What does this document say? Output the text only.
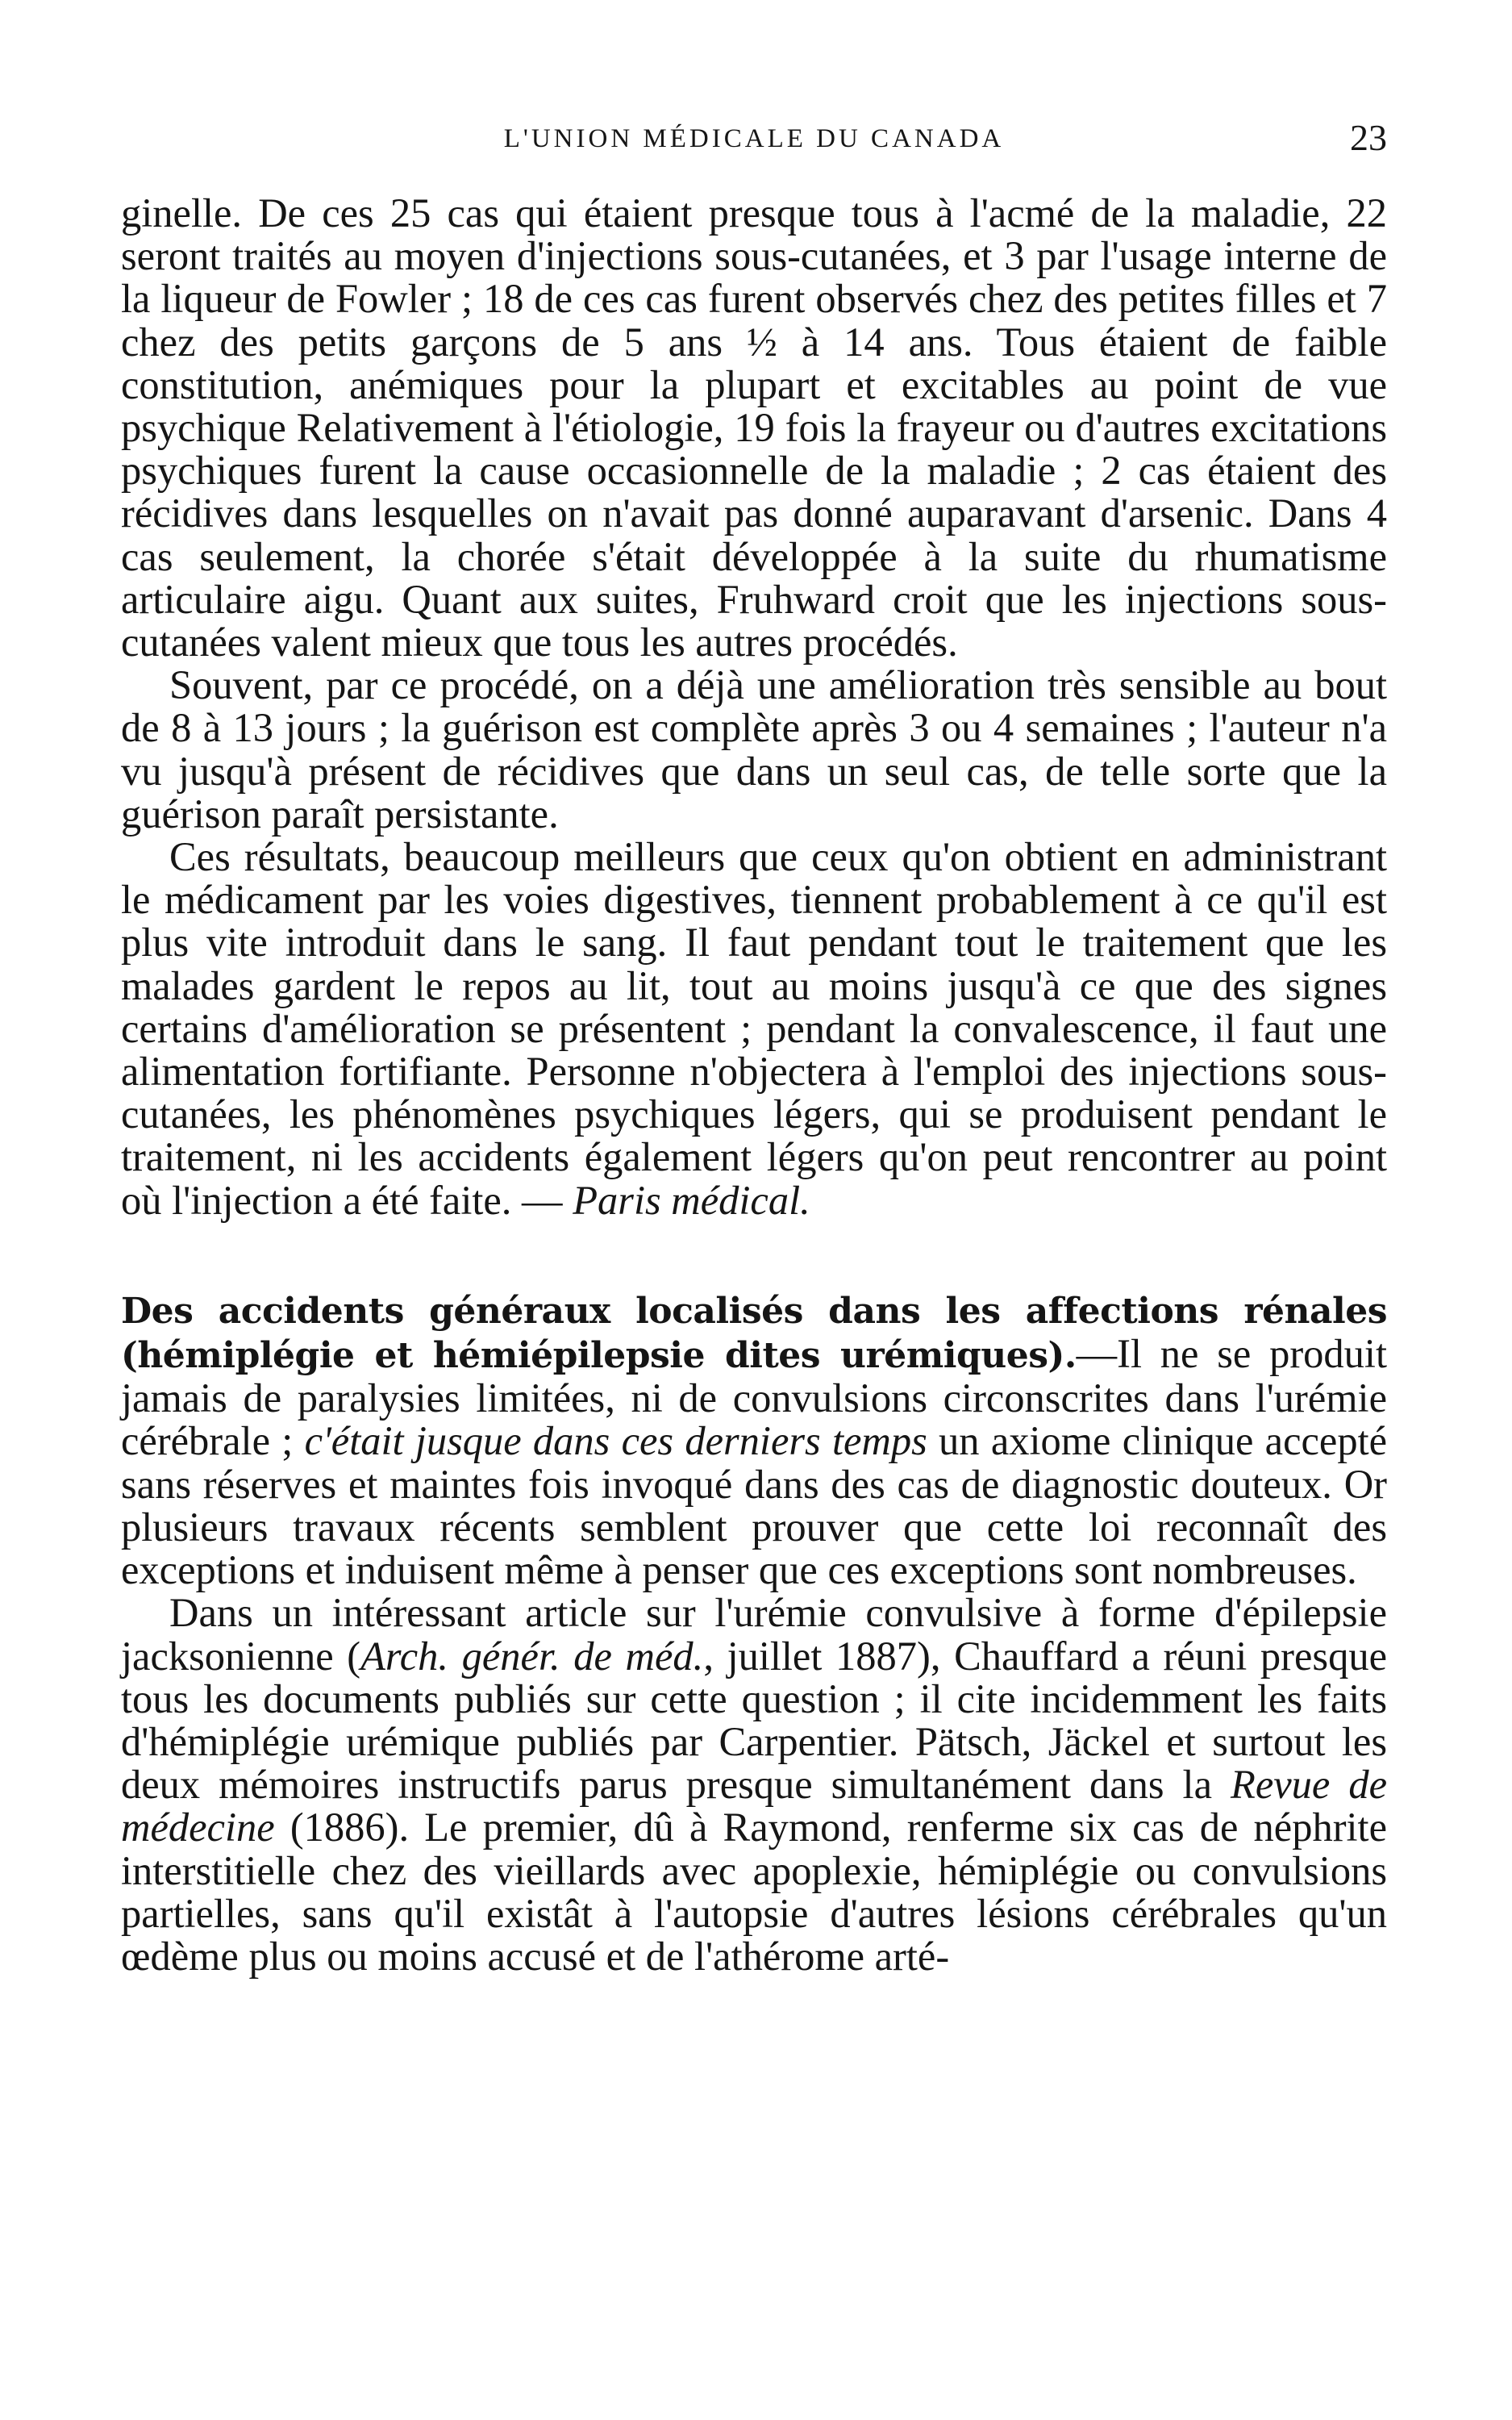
L'UNION MÉDICALE DU CANADA	23

ginelle. De ces 25 cas qui étaient presque tous à l'acmé de la maladie, 22 seront traités au moyen d'injections sous-cutanées, et 3 par l'usage interne de la liqueur de Fowler ; 18 de ces cas furent observés chez des petites filles et 7 chez des petits garçons de 5 ans ½ à 14 ans. Tous étaient de faible constitution, anémiques pour la plupart et excitables au point de vue psychique Relativement à l'étiologie, 19 fois la frayeur ou d'autres excitations psychiques furent la cause occasionnelle de la maladie ; 2 cas étaient des récidives dans lesquelles on n'avait pas donné auparavant d'arsenic. Dans 4 cas seulement, la chorée s'était développée à la suite du rhumatisme articulaire aigu. Quant aux suites, Fruhward croit que les injections sous-cutanées valent mieux que tous les autres procédés.

Souvent, par ce procédé, on a déjà une amélioration très sensible au bout de 8 à 13 jours ; la guérison est complète après 3 ou 4 semaines ; l'auteur n'a vu jusqu'à présent de récidives que dans un seul cas, de telle sorte que la guérison paraît persistante.

Ces résultats, beaucoup meilleurs que ceux qu'on obtient en administrant le médicament par les voies digestives, tiennent probablement à ce qu'il est plus vite introduit dans le sang. Il faut pendant tout le traitement que les malades gardent le repos au lit, tout au moins jusqu'à ce que des signes certains d'amélioration se présentent ; pendant la convalescence, il faut une alimentation fortifiante. Personne n'objectera à l'emploi des injections sous-cutanées, les phénomènes psychiques légers, qui se produisent pendant le traitement, ni les accidents également légers qu'on peut rencontrer au point où l'injection a été faite. — Paris médical.

Des accidents généraux localisés dans les affections rénales (hémiplégie et hémiépilepsie dites urémiques).—Il ne se produit jamais de paralysies limitées, ni de convulsions circonscrites dans l'urémie cérébrale ; c'était jusque dans ces derniers temps un axiome clinique accepté sans réserves et maintes fois invoqué dans des cas de diagnostic douteux. Or plusieurs travaux récents semblent prouver que cette loi reconnaît des exceptions et induisent même à penser que ces exceptions sont nombreuses.

Dans un intéressant article sur l'urémie convulsive à forme d'épilepsie jacksonienne (Arch. génér. de méd., juillet 1887), Chauffard a réuni presque tous les documents publiés sur cette question ; il cite incidemment les faits d'hémiplégie urémique publiés par Carpentier. Pätsch, Jäckel et surtout les deux mémoires instructifs parus presque simultanément dans la Revue de médecine (1886). Le premier, dû à Raymond, renferme six cas de néphrite interstitielle chez des vieillards avec apoplexie, hémiplégie ou convulsions partielles, sans qu'il existât à l'autopsie d'autres lésions cérébrales qu'un œdème plus ou moins accusé et de l'athérome arté-
